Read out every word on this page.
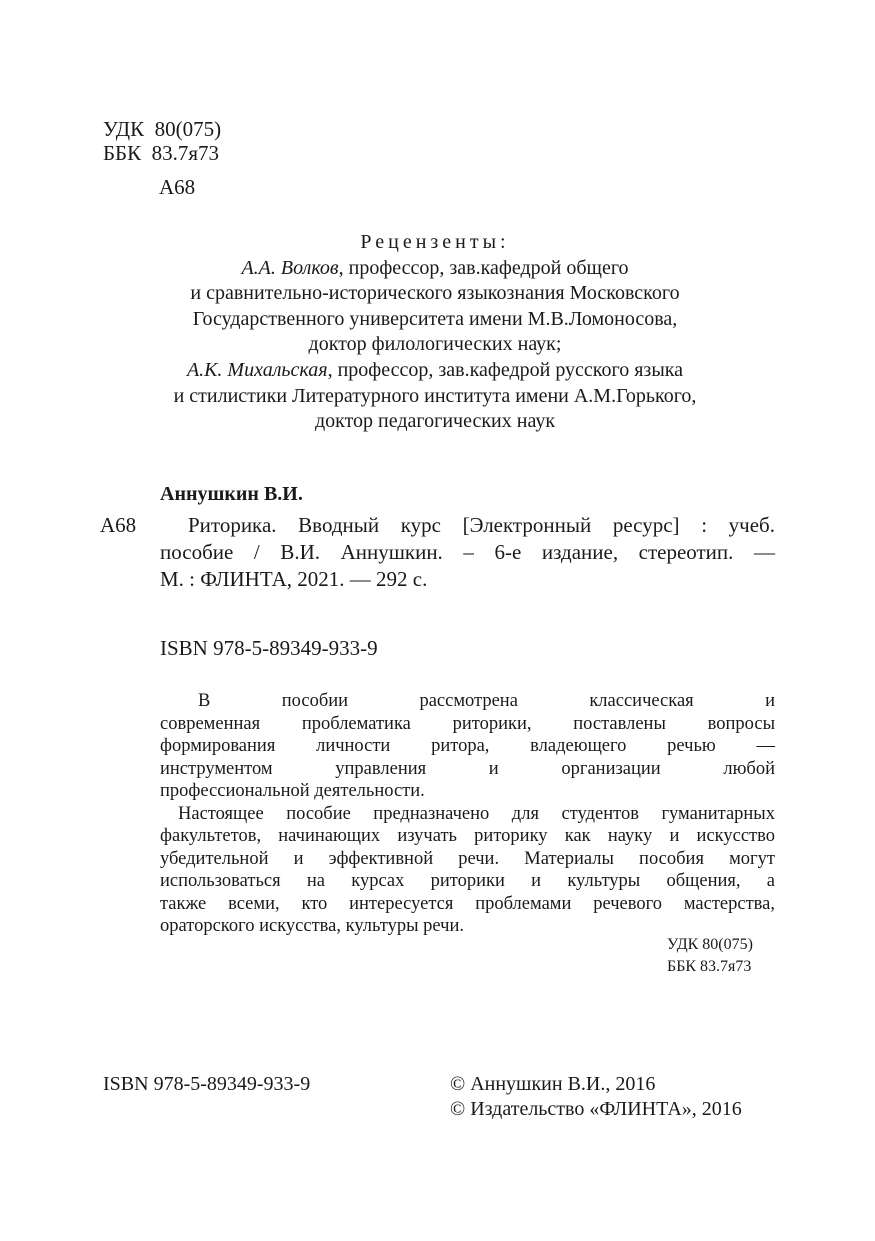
УДК 80(075)
ББК 83.7я73
А68
Рецензенты:
А.А. Волков, профессор, зав.кафедрой общего
и сравнительно-исторического языкознания Московского
Государственного университета имени М.В.Ломоносова,
доктор филологических наук;
А.К. Михальская, профессор, зав.кафедрой русского языка
и стилистики Литературного института имени А.М.Горького,
доктор педагогических наук
Аннушкин В.И.
А68	Риторика. Вводный курс [Электронный ресурс] : учеб.
пособие / В.И. Аннушкин. – 6-е издание, стереотип. —
М. : ФЛИНТА, 2021. — 292 с.
ISBN 978-5-89349-933-9
В пособии рассмотрена классическая и
современная проблематика риторики, поставлены вопросы
формирования личности ритора, владеющего речью —
инструментом управления и организации любой
профессиональной деятельности.
Настоящее пособие предназначено для студентов гуманитарных
факультетов, начинающих изучать риторику как науку и искусство
убедительной и эффективной речи. Материалы пособия могут
использоваться на курсах риторики и культуры общения, а
также всеми, кто интересуется проблемами речевого мастерства,
ораторского искусства, культуры речи.
УДК 80(075)
ББК 83.7я73
ISBN 978-5-89349-933-9	© Аннушкин В.И., 2016
© Издательство «ФЛИНТА», 2016
